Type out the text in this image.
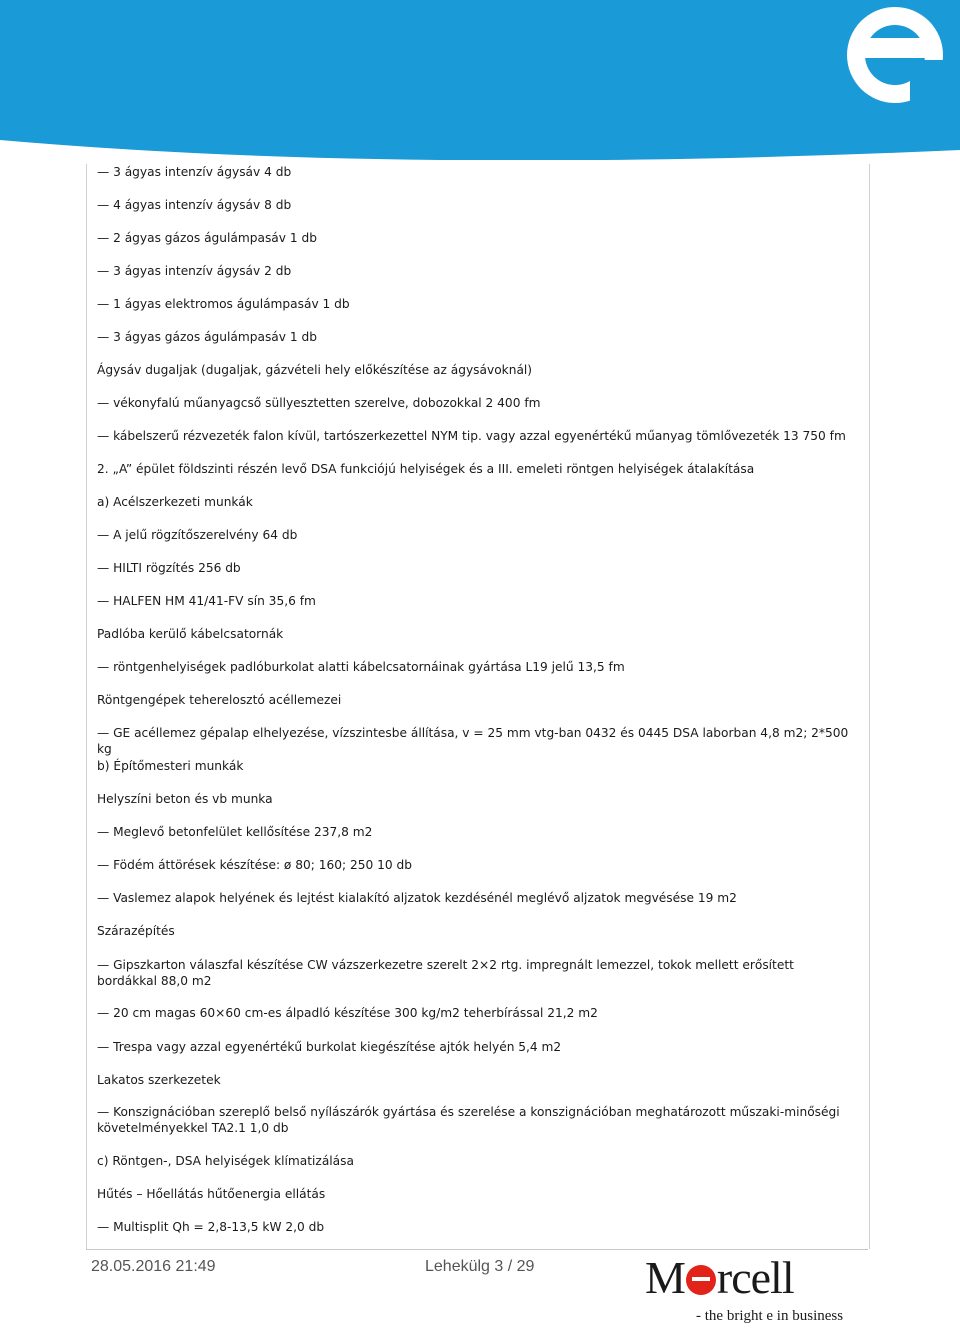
— 3 ágyas intenzív ágysáv 4 db
— 4 ágyas intenzív ágysáv 8 db
— 2 ágyas gázos águlámpasáv 1 db
— 3 ágyas intenzív ágysáv 2 db
— 1 ágyas elektromos águlámpasáv 1 db
— 3 ágyas gázos águlámpasáv 1 db
Ágysáv dugaljak (dugaljak, gázvételi hely előkészítése az ágysávoknál)
— vékonyfalú műanyagcső süllyesztetten szerelve, dobozokkal 2 400 fm
— kábelszerű rézvezeték falon kívül, tartószerkezettel NYM tip. vagy azzal egyenértékű műanyag tömlővezeték 13 750 fm
2. „A” épület földszinti részén levő DSA funkciójú helyiségek és a III. emeleti röntgen helyiségek átalakítása
a) Acélszerkezeti munkák
— A jelű rögzítőszerelvény 64 db
— HILTI rögzítés 256 db
— HALFEN HM 41/41-FV sín 35,6 fm
Padlóba kerülő kábelcsatornák
— röntgenhelyiségek padlóburkolat alatti kábelcsatornáinak gyártása L19 jelű 13,5 fm
Röntgengépek teherelosztó acéllemezei
— GE acéllemez gépalap elhelyezése, vízszintesbe állítása, v = 25 mm vtg-ban 0432 és 0445 DSA laborban 4,8 m2; 2*500 kg
b) Építőmesteri munkák
Helyszíni beton és vb munka
— Meglevő betonfelület kellősítése 237,8 m2
— Födém áttörések készítése: ø 80; 160; 250 10 db
— Vaslemez alapok helyének és lejtést kialakító aljzatok kezdésénél meglévő aljzatok megvésése 19 m2
Szárazépítés
— Gipszkarton válaszfal készítése CW vázszerkezetre szerelt 2×2 rtg. impregnált lemezzel, tokok mellett erősített bordákkal 88,0 m2
— 20 cm magas 60×60 cm-es álpadló készítése 300 kg/m2 teherbírással 21,2 m2
— Trespa vagy azzal egyenértékű burkolat kiegészítése ajtók helyén 5,4 m2
Lakatos szerkezetek
— Konszignációban szereplő belső nyílászárók gyártása és szerelése a konszignációban meghatározott műszaki-minőségi követelményekkel TA2.1 1,0 db
c) Röntgen-, DSA helyiségek klímatizálása
Hűtés – Hőellátás hűtőenergia ellátás
— Multisplit Qh = 2,8-13,5 kW 2,0 db
28.05.2016 21:49	Lehekülg 3 / 29 M rcell
- the bright e in business
